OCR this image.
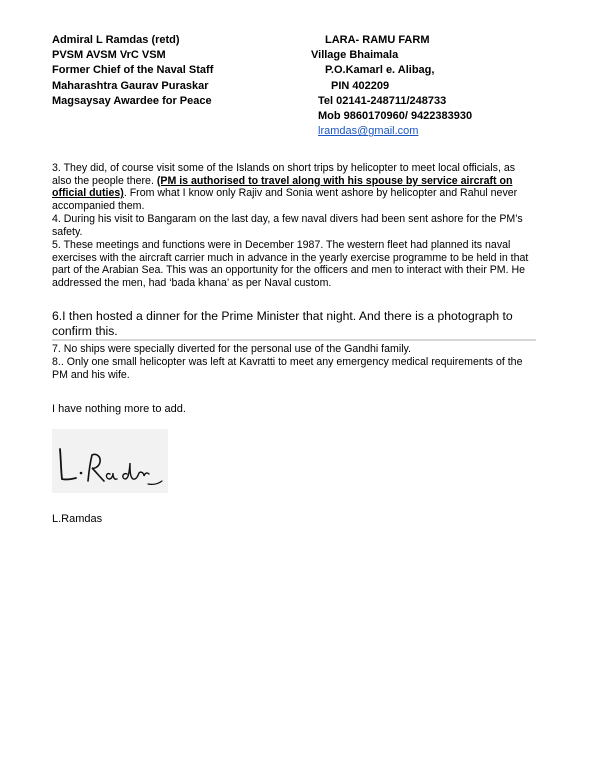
Admiral L Ramdas (retd)
PVSM AVSM VrC VSM
Former Chief of the Naval Staff
Maharashtra Gaurav Puraskar
Magsaysay Awardee for Peace
LARA- RAMU FARM
Village Bhaimala
P.O.Kamarl e. Alibag,
PIN 402209
Tel 02141-248711/248733
Mob 9860170960/ 9422383930
lramdas@gmail.com
3. They did, of course visit some of the Islands on short trips by helicopter to meet local officials, as also the people there. (PM is authorised to travel along with his spouse by service aircraft on official duties). From what I know only Rajiv and Sonia went ashore by helicopter and Rahul never accompanied them.
4. During his visit to Bangaram on the last day, a few naval divers had been sent ashore for the PM’s safety.
5. These meetings and functions were in December 1987. The western fleet had planned its naval exercises with the aircraft carrier much in advance in the yearly exercise programme to be held in that part of the Arabian Sea. This was an opportunity for the officers and men to interact with their PM. He addressed the men, had ‘bada khana’ as per Naval custom.
6.I then hosted a dinner for the Prime Minister that night. And there is a photograph to confirm this.
7. No ships were specially diverted for the personal use of the Gandhi family.
8.. Only one small helicopter was left at Kavratti to meet any emergency medical requirements of the PM and his wife.
I have nothing more to add.
L.Ramdas
